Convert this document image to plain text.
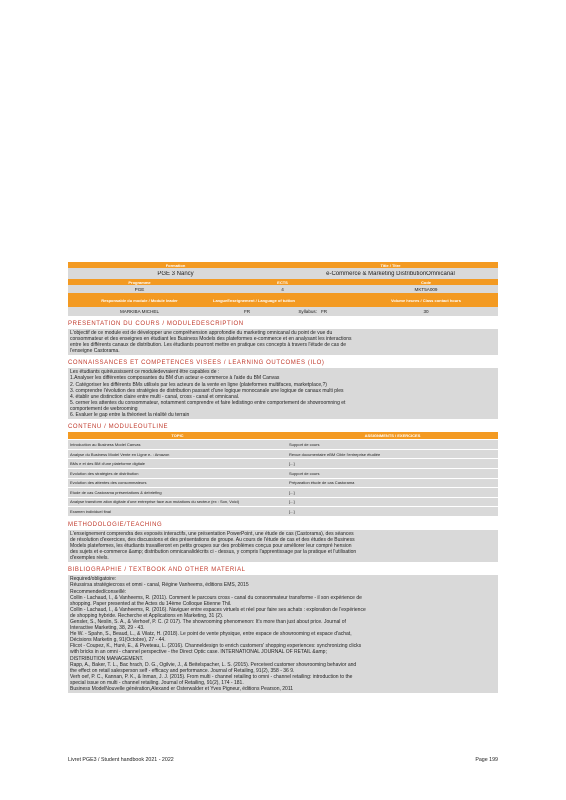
Formation	Title / Titre
PGE 3 Nancy	e-Commerce & Marketing DistributionOmnicanal
Programme	ECTS	Code
PGE	4	MKT5A009
Responsable du module / Module leader	LangueEnseignement / Language of tuition	Volume heures / Class contact hours
MARKIBA MICHEL	FR	Syllabus: FR	30
PRESENTATION DU COURS / MODULEDESCRIPTION
L'objectif de ce module est de développer une compréhension approfondie du marketing omnicanal du point de vue du
consommateur et des enseignes en étudiant les Business Models des plateformes e-commerce et en analysant les interactions
entre les différents canaux de distribution. Les étudiants pourront mettre en pratique ces concepts à travers l'étude de cas de
l'enseigne Castorama.
CONNAISSANCES ET COMPETENCES VISEES / LEARNING OUTCOMES (ILO)
Les étudiants quiréussissent ce moduledevraient être capables de :
1.Analyser les différentes composantes du BM d'un acteur e-commerce à l'aide du BM Canvas
2. Catégoriser les différents BMs utilisés par les acteurs de la vente en ligne (plateformes multifaces, marketplace,?)
3. comprendre l'évolution des stratégies de distribution passant d'une logique monocanale une logique de canaux multi ples
4. établir une distinction claire entre multi - canal, cross - canal et omnicanal.
5. cerner les attentes du consommateur, notamment comprendre et faire ledistingo entre comportement de showroomning et
comportement de webrooming
6. Evaluer le gap entre la théorieet la réalité du terrain
CONTENU / MODULEOUTLINE
TOPIC	ASSIGNMENTS / EXERCICES
Introduction au Business Model Canvas	Support de cours
Analyse du Business Model Vente en Ligne e- : Amazon	Revue documentaire eBM Cible l'entreprise étudiée
BMs e et des BM d'une plateforme digitale	[...]
Evolution des stratégies de distribution	Support de cours
Evolution des attentes des consommateurs	Préparation étude de cas Castorama
Etude de cas Castorama présentations & debriefing	[...]
Analyse transform ation digitale d'une entreprise face aux mutations du secteur (ex : Son, Voici)	[...]
Examen individuel final	[...]
METHODOLOGIE/TEACHING
L'enseignement comprendra des exposés interactifs, une présentation PowerPoint, une étude de cas (Castorama), des séances
de résolution d'exercices, des discussions et des présentations de groupe. Au cours de l'étude de cas et des études de Business
Models plateformes, les étudiants travailleront en petits groupes sur des problèmes conçus pour améliorer leur compré hension
des sujets et e-commerce &amp; distribution omnicanalidécrits ci - dessus, y compris l'apprentissage par la pratique et l'utilisation
d'exemples réels.
BIBLIOGRAPHIE / TEXTBOOK AND OTHER MATERIAL
Required/obligatoire:
Réussirsa stratégiecross et omni - canal, Régine Vanheems, éditions EMS, 2015
Recommended/conseillé:
Collin - Lachaud, I., & Vanheems, R. (2011). Comment le parcours cross - canal du consommateur transforme - il son expérience de
shopping. Paper presented at the Actes du 14ème Colloque Etienne Thil.
Collin - Lachaud, I., & Vanheems, R. (2016). Naviguer entre espaces virtuels et réel pour faire ses achats : exploration de l'expérience
de shopping hybride. Recherche et Applications en Marketing, 31 (2).
Gensler, S., Neslin, S. A., & Verhoef, P. C. (2 017). The showrooming phenomenon: It's more than just about price. Journal of
Interactive Marketing, 38, 29 - 43.
He W. - Spahn, S., Beaud, L., & Vilatz, H. (2018). Le point de vente physique, entre espace de showrooming et espace d'achat,
Décisions Marketin g, 91(Octobre), 27 - 44.
Flicot - Coupez, K., Huré, E., & Piveteau, L. (2016). Channeldesign to enrich customers' shopping experiences: synchronizing clicks
with bricks in an omni - channel perspective - the Direct Optic case. INTERNATIONAL JOURNAL OF RETAIL &amp;
DISTRIBUTION MANAGEMENT.
Rapp, A., Baker, T. L., Bac hrach, D. G., Ogilvie, J., & Beitelspacher, L. S. (2015). Perceived customer showrooming behavior and
the effect on retail salesperson self - efficacy and performance. Journal of Retailing, 91(2), 358 - 36 9.
Verh oef, P. C., Kannan, P. K., & Inman, J. J. (2015). From multi - channel retailing to omni - channel retailing: introduction to the
special issue on multi - channel retailing. Journal of Retailing, 91(2), 174 - 181.
Business ModelNouvelle génération,Alexand er Osterwalder et Yves Pigneur, éditions Pearson, 2011
Livret PGE3 / Student handbook 2021 - 2022	Page 199
